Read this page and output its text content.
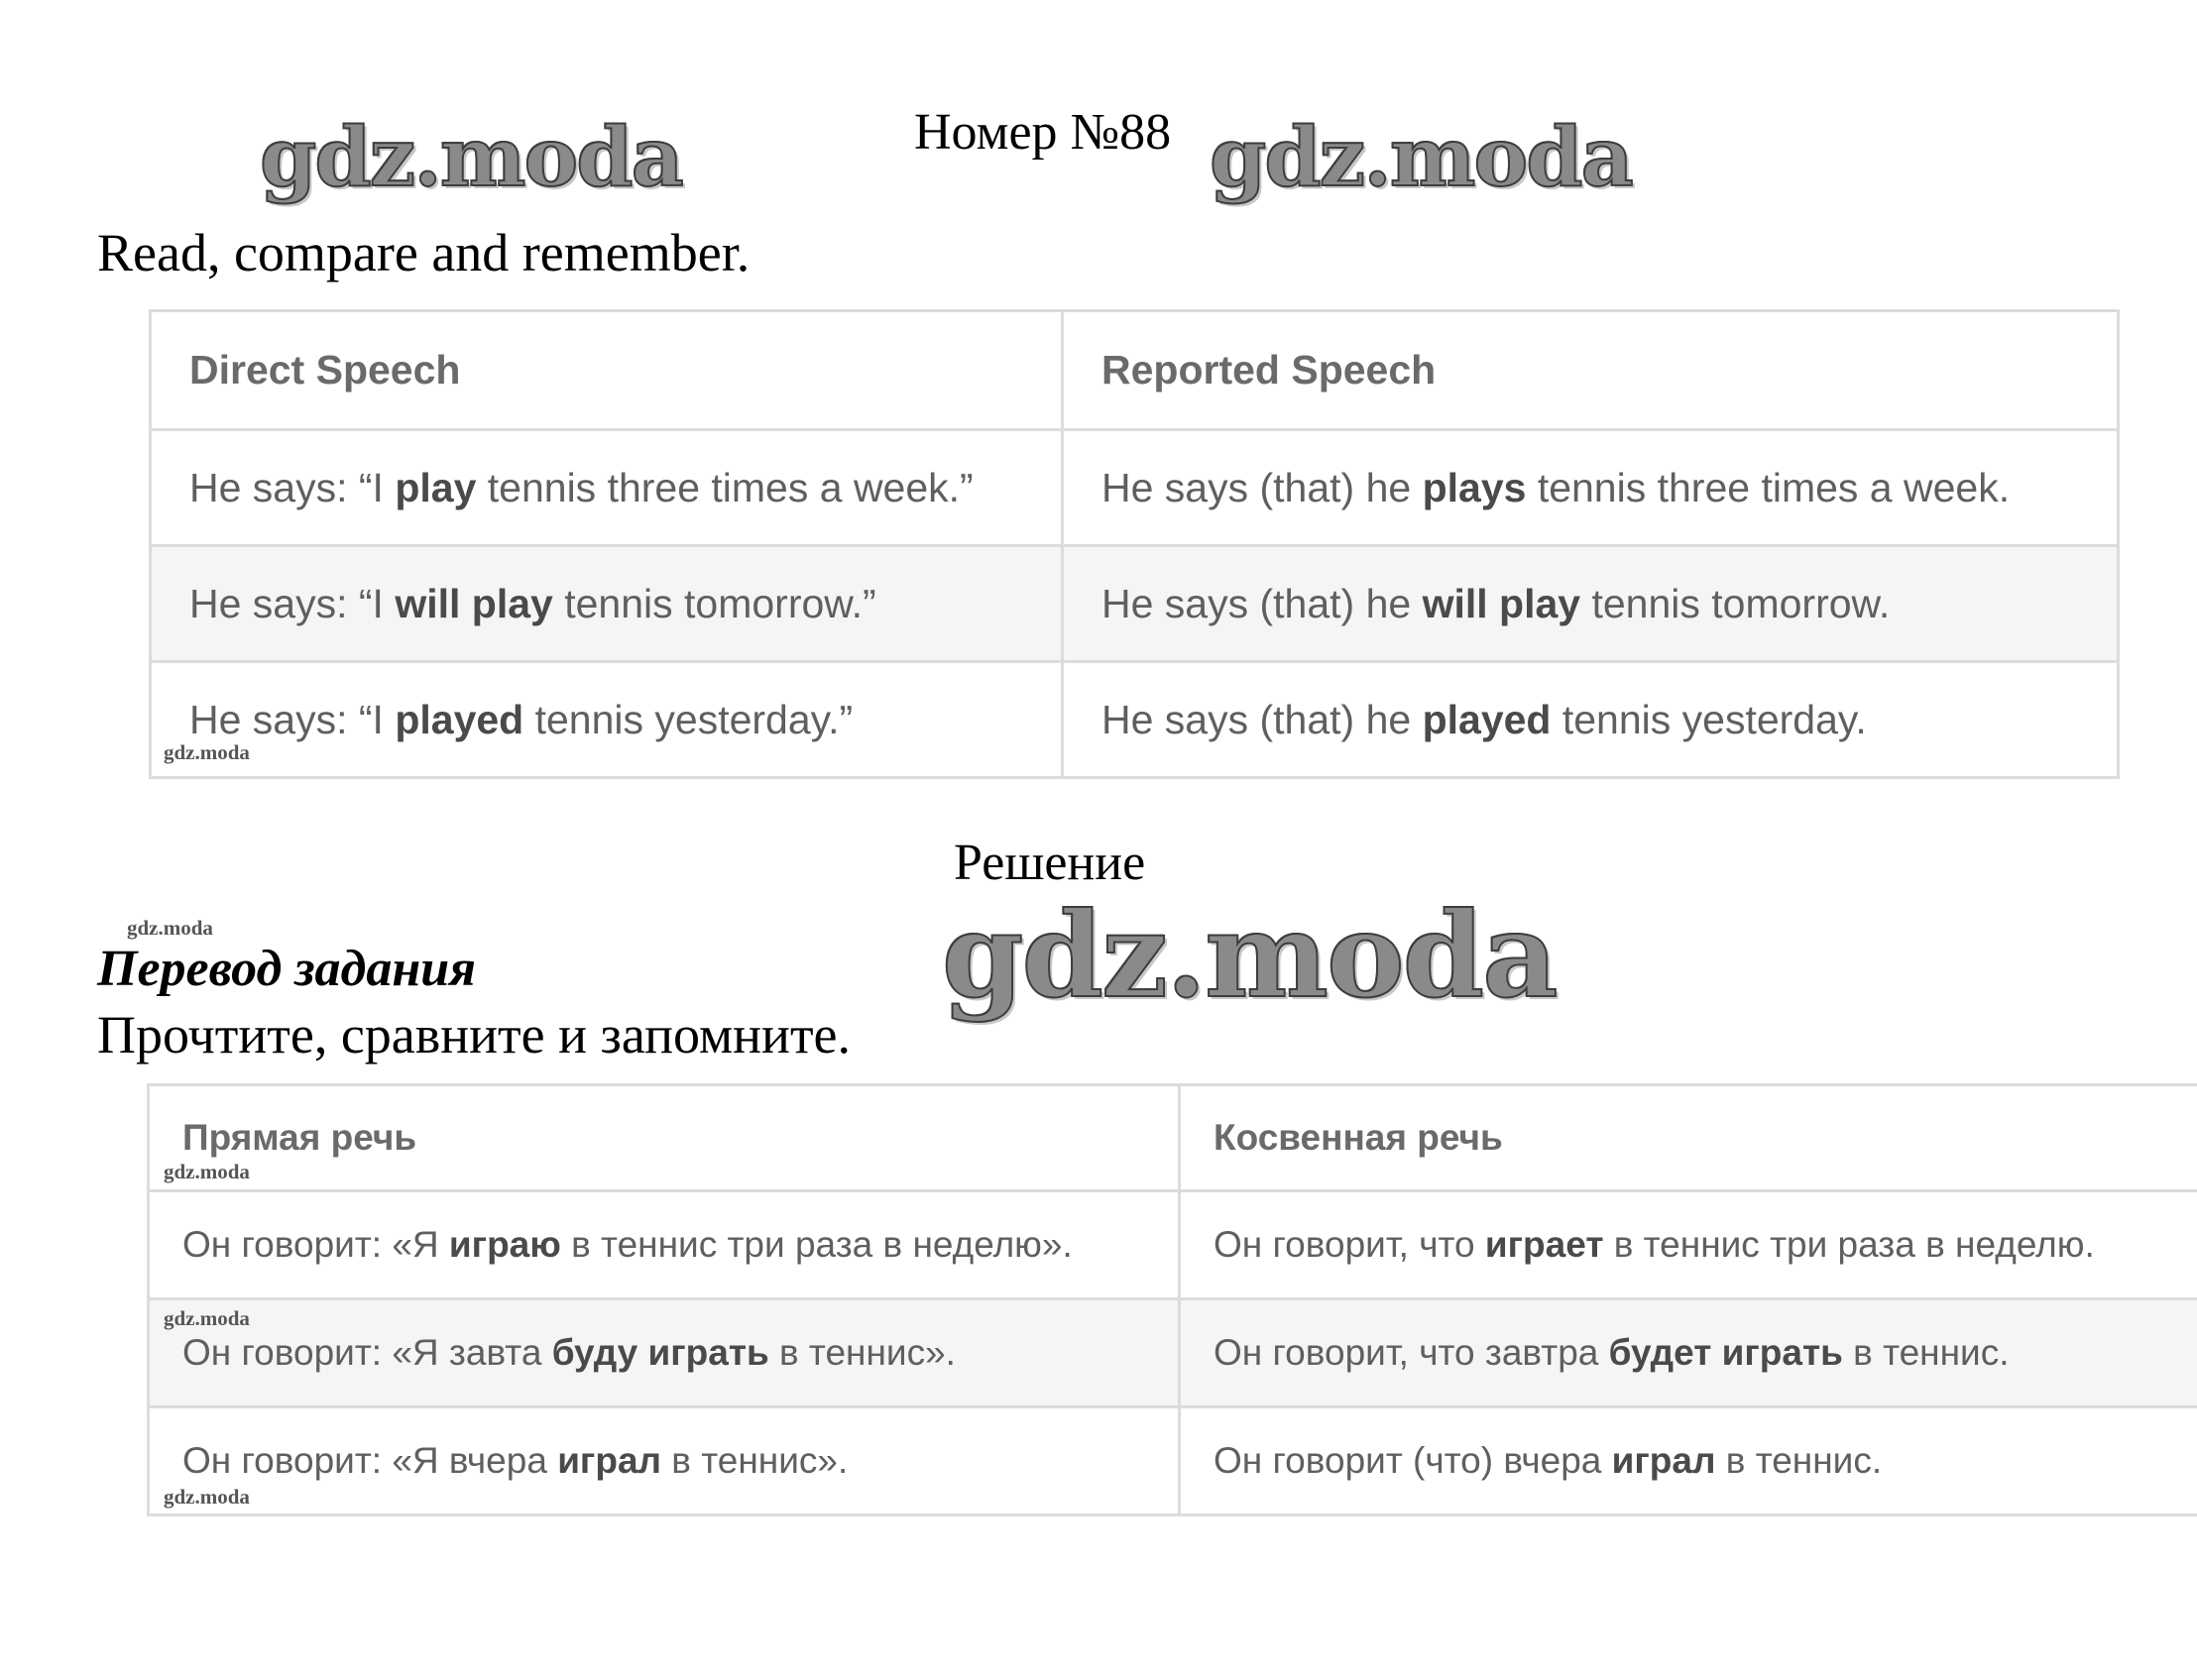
gdz.moda	gdz.moda
Номер №88
Read, compare and remember.
Direct Speech	Reported Speech
He says: “I play tennis three times a week.”	He says (that) he plays tennis three times a week.
He says: “I will play tennis tomorrow.”	He says (that) he will play tennis tomorrow.
He says: “I played tennis yesterday.”	He says (that) he played tennis yesterday.
gdz.moda
Решение
gdz.moda
gdz.moda
Перевод задания
Прочтите, сравните и запомните.
Прямая речь	Косвенная речь
Он говорит: «Я играю в теннис три раза в неделю».	Он говорит, что играет в теннис три раза в неделю.
Он говорит: «Я завта буду играть в теннис».	Он говорит, что завтра будет играть в теннис.
Он говорит: «Я вчера играл в теннис».	Он говорит (что) вчера играл в теннис.
gdz.moda
gdz.moda
gdz.moda
